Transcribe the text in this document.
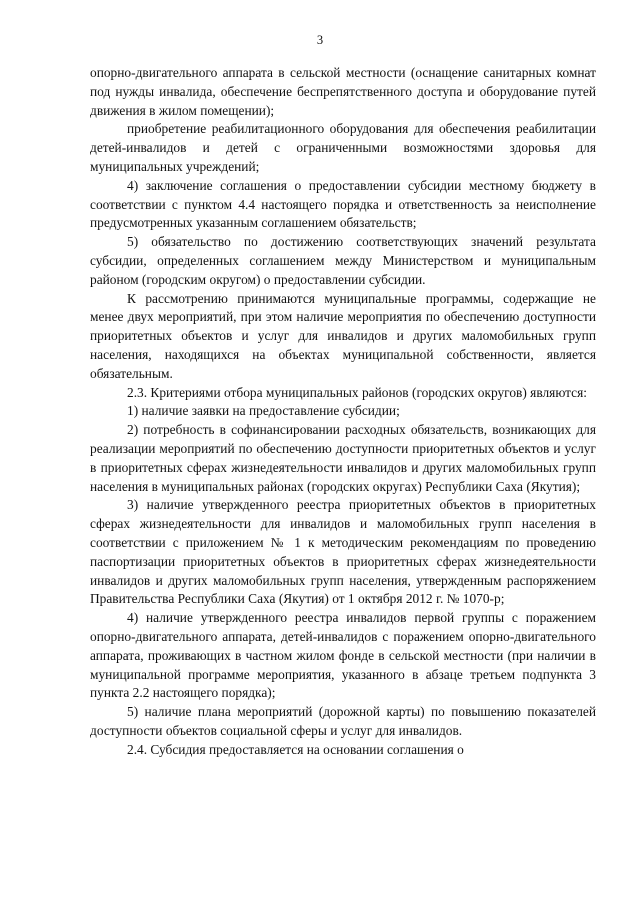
3

опорно-двигательного аппарата в сельской местности (оснащение санитарных комнат под нужды инвалида, обеспечение беспрепятственного доступа и оборудование путей движения в жилом помещении);

приобретение реабилитационного оборудования для обеспечения реабилитации детей-инвалидов и детей с ограниченными возможностями здоровья для муниципальных учреждений;

4) заключение соглашения о предоставлении субсидии местному бюджету в соответствии с пунктом 4.4 настоящего порядка и ответственность за неисполнение предусмотренных указанным соглашением обязательств;

5) обязательство по достижению соответствующих значений результата субсидии, определенных соглашением между Министерством и муниципальным районом (городским округом) о предоставлении субсидии.

К рассмотрению принимаются муниципальные программы, содержащие не менее двух мероприятий, при этом наличие мероприятия по обеспечению доступности приоритетных объектов и услуг для инвалидов и других маломобильных групп населения, находящихся на объектах муниципальной собственности, является обязательным.

2.3. Критериями отбора муниципальных районов (городских округов) являются:

1) наличие заявки на предоставление субсидии;

2) потребность в софинансировании расходных обязательств, возникающих для реализации мероприятий по обеспечению доступности приоритетных объектов и услуг в приоритетных сферах жизнедеятельности инвалидов и других маломобильных групп населения в муниципальных районах (городских округах) Республики Саха (Якутия);

3) наличие утвержденного реестра приоритетных объектов в приоритетных сферах жизнедеятельности для инвалидов и маломобильных групп населения в соответствии с приложением № 1 к методическим рекомендациям по проведению паспортизации приоритетных объектов в приоритетных сферах жизнедеятельности инвалидов и других маломобильных групп населения, утвержденным распоряжением Правительства Республики Саха (Якутия) от 1 октября 2012 г. № 1070-р;

4) наличие утвержденного реестра инвалидов первой группы с поражением опорно-двигательного аппарата, детей-инвалидов с поражением опорно-двигательного аппарата, проживающих в частном жилом фонде в сельской местности (при наличии в муниципальной программе мероприятия, указанного в абзаце третьем подпункта 3 пункта 2.2 настоящего порядка);

5) наличие плана мероприятий (дорожной карты) по повышению показателей доступности объектов социальной сферы и услуг для инвалидов.

2.4. Субсидия предоставляется на основании соглашения о
